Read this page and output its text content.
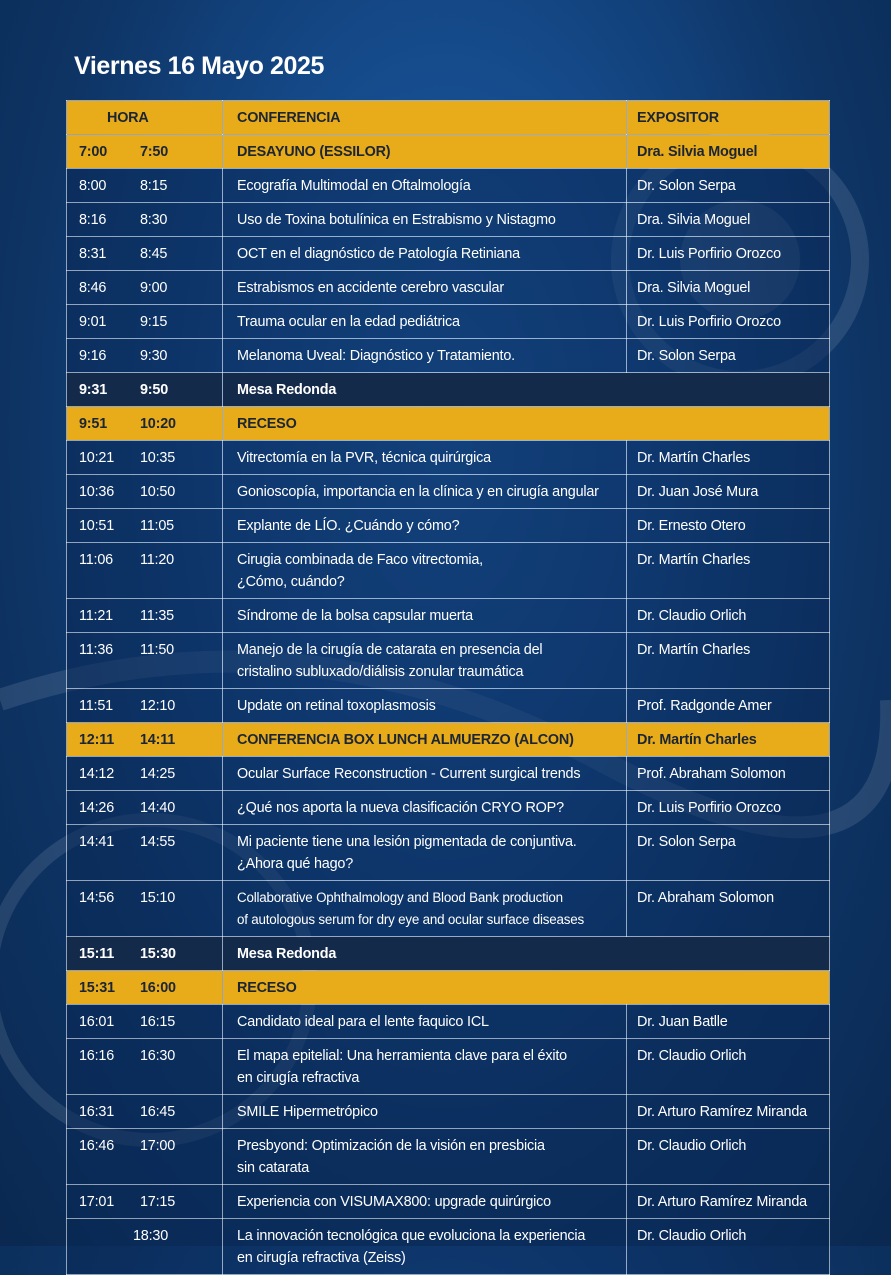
Viernes 16 Mayo 2025
HORA	CONFERENCIA	EXPOSITOR
7:00 7:50	DESAYUNO (ESSILOR)	Dra. Silvia Moguel
8:00 8:15	Ecografía Multimodal en Oftalmología	Dr. Solon Serpa
8:16 8:30	Uso de Toxina botulínica en Estrabismo y Nistagmo	Dra. Silvia Moguel
8:31 8:45	OCT en el diagnóstico de Patología Retiniana	Dr. Luis Porfirio Orozco
8:46 9:00	Estrabismos en accidente cerebro vascular	Dra. Silvia Moguel
9:01 9:15	Trauma ocular en la edad pediátrica	Dr. Luis Porfirio Orozco
9:16 9:30	Melanoma Uveal: Diagnóstico y Tratamiento.	Dr. Solon Serpa
9:31 9:50	Mesa Redonda	

9:51 10:20	RECESO	

10:21 10:35	Vitrectomía en la PVR, técnica quirúrgica	Dr. Martín Charles
10:36 10:50	Gonioscopía, importancia en la clínica y en cirugía angular	Dr. Juan José Mura
10:51 11:05	Explante de LÍO. ¿Cuándo y cómo?	Dr. Ernesto Otero
11:06 11:20	Cirugia combinada de Faco vitrectomia,
¿Cómo, cuándo?	Dr. Martín Charles
11:21 11:35	Síndrome de la bolsa capsular muerta	Dr. Claudio Orlich
11:36 11:50	Manejo de la cirugía de catarata en presencia del
cristalino subluxado/diálisis zonular traumática	Dr. Martín Charles
11:51 12:10	Update on retinal toxoplasmosis	Prof. Radgonde Amer
12:11 14:11	CONFERENCIA BOX LUNCH ALMUERZO (ALCON)	Dr. Martín Charles
14:12 14:25	Ocular Surface Reconstruction - Current surgical trends	Prof. Abraham Solomon
14:26 14:40	¿Qué nos aporta la nueva clasificación CRYO ROP?	Dr. Luis Porfirio Orozco
14:41 14:55	Mi paciente tiene una lesión pigmentada de conjuntiva.
¿Ahora qué hago?	Dr. Solon Serpa
14:56 15:10	Collaborative Ophthalmology and Blood Bank production
of autologous serum for dry eye and ocular surface diseases	Dr. Abraham Solomon
15:11 15:30	Mesa Redonda	

15:31 16:00	RECESO	

16:01 16:15	Candidato ideal para el lente faquico ICL	Dr. Juan Batlle
16:16 16:30	El mapa epitelial: Una herramienta clave para el éxito
en cirugía refractiva	Dr. Claudio Orlich
16:31 16:45	SMILE Hipermetrópico	Dr. Arturo Ramírez Miranda
16:46 17:00	Presbyond: Optimización de la visión en presbicia
sin catarata	Dr. Claudio Orlich
17:01 17:15	Experiencia con VISUMAX800: upgrade quirúrgico	Dr. Arturo Ramírez Miranda
18:30	La innovación tecnológica que evoluciona la experiencia
en cirugía refractiva (Zeiss)	Dr. Claudio Orlich
